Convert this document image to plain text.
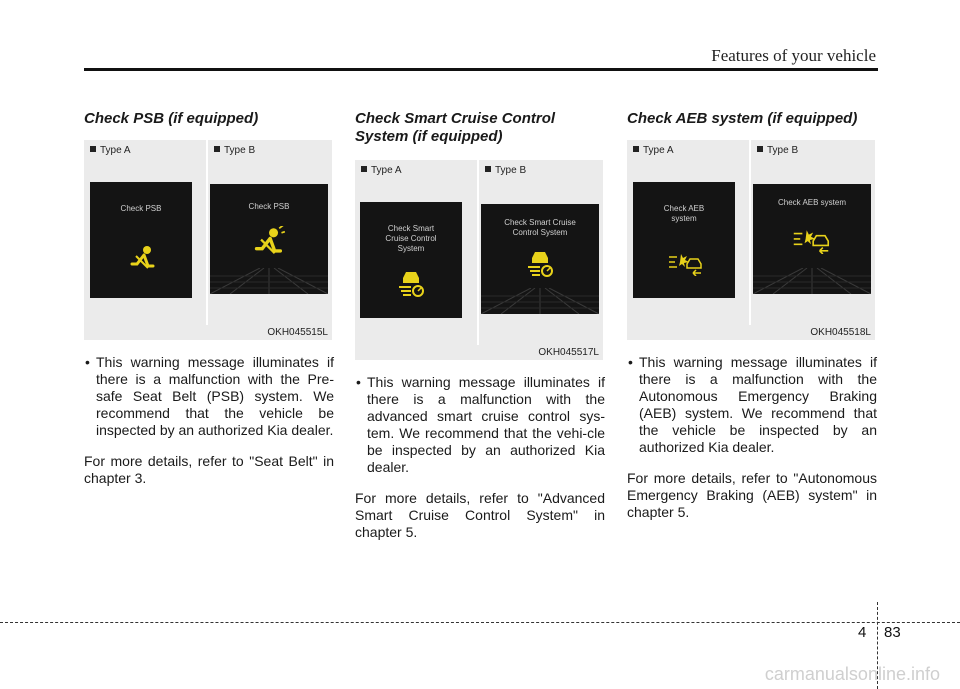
Features of your vehicle

Check PSB (if equipped)

Type A
Check PSB
Type B
Check PSB
OKH045515L

• This warning message illuminates if there is a malfunction with the Pre-safe Seat Belt (PSB) system. We recommend that the vehicle be inspected by an authorized Kia dealer.

For more details, refer to "Seat Belt" in chapter 3.

Check Smart Cruise Control System (if equipped)

Type A
Check Smart
Cruise Control
System
Type B
Check Smart Cruise
Control System
OKH045517L

• This warning message illuminates if there is a malfunction with the advanced smart cruise control sys-tem. We recommend that the vehi-cle be inspected by an authorized Kia dealer.

For more details, refer to "Advanced Smart Cruise Control System" in chapter 5.

Check AEB system (if equipped)

Type A
Check AEB
system
Type B
Check AEB system
OKH045518L

• This warning message illuminates if there is a malfunction with the Autonomous Emergency Braking (AEB) system. We recommend that the vehicle be inspected by an authorized Kia dealer.

For more details, refer to "Autonomous Emergency Braking (AEB) system" in chapter 5.

4 83
carmanualsonline.info
